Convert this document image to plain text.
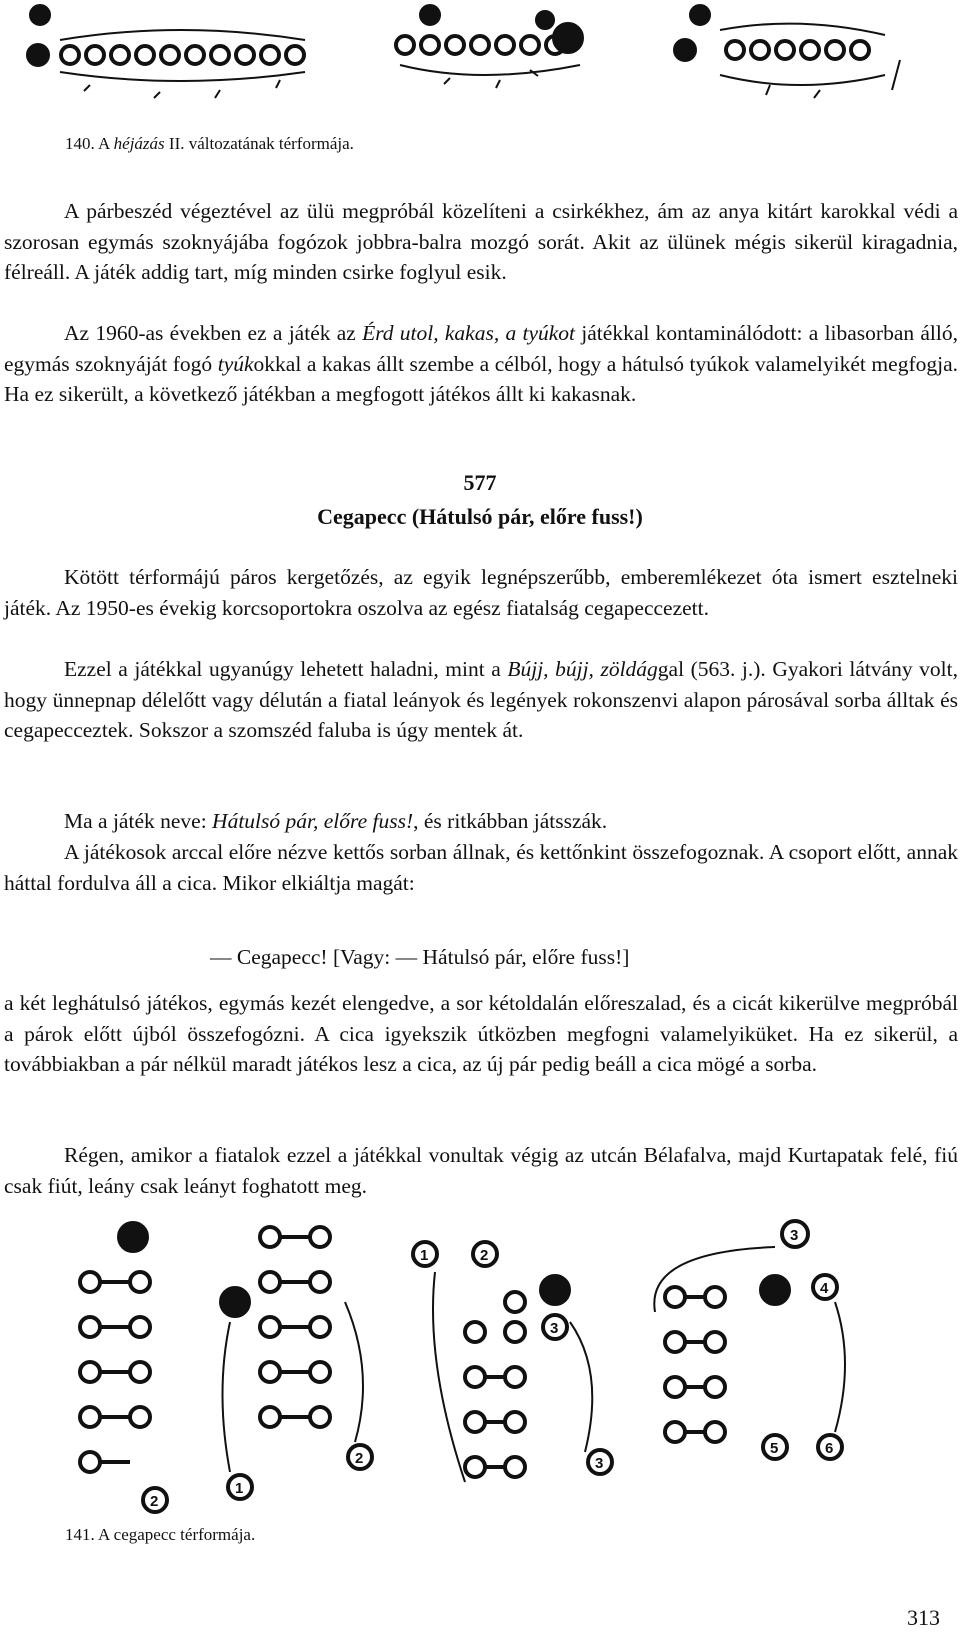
140. A héjázás II. változatának térformája.

A párbeszéd végeztével az ülü megpróbál közelíteni a csirkékhez, ám az anya kitárt karokkal védi a szorosan egymás szoknyájába fogózok jobbra-balra mozgó sorát. Akit az ülünek mégis sikerül kiragadnia, félreáll. A játék addig tart, míg minden csirke foglyul esik.

Az 1960-as években ez a játék az Érd utol, kakas, a tyúkot játékkal kontaminálódott: a libasorban álló, egymás szoknyáját fogó tyúkokkal a kakas állt szembe a célból, hogy a hátulsó tyúkok valamelyikét megfogja. Ha ez sikerült, a következő játékban a megfogott játékos állt ki kakasnak.

577
Cegapecc (Hátulsó pár, előre fuss!)

Kötött térformájú páros kergetőzés, az egyik legnépszerűbb, emberemlékezet óta ismert esztelneki játék. Az 1950-es évekig korcsoportokra oszolva az egész fiatalság cegapeccezett.

Ezzel a játékkal ugyanúgy lehetett haladni, mint a Bújj, bújj, zöldággal (563. j.). Gyakori látvány volt, hogy ünnepnap délelőtt vagy délután a fiatal leányok és legények rokonszenvi alapon párosával sorba álltak és cegapecceztek. Sokszor a szomszéd faluba is úgy mentek át.

Ma a játék neve: Hátulsó pár, előre fuss!, és ritkábban játsszák.

A játékosok arccal előre nézve kettős sorban állnak, és kettőnkint összefogoznak. A csoport előtt, annak háttal fordulva áll a cica. Mikor elkiáltja magát:

— Cegapecc! [Vagy: — Hátulsó pár, előre fuss!]

a két leghátulsó játékos, egymás kezét elengedve, a sor kétoldalán előreszalad, és a cicát kikerülve megpróbál a párok előtt újból összefogózni. A cica igyekszik útközben megfogni valamelyiküket. Ha ez sikerül, a továbbiakban a pár nélkül maradt játékos lesz a cica, az új pár pedig beáll a cica mögé a sorba.

Régen, amikor a fiatalok ezzel a játékkal vonultak végig az utcán Bélafalva, majd Kurtapatak felé, fiú csak fiút, leány csak leányt foghatott meg.

2
1
2
1	2
3
3
3
4
5	6
141. A cegapecc térformája.
313
